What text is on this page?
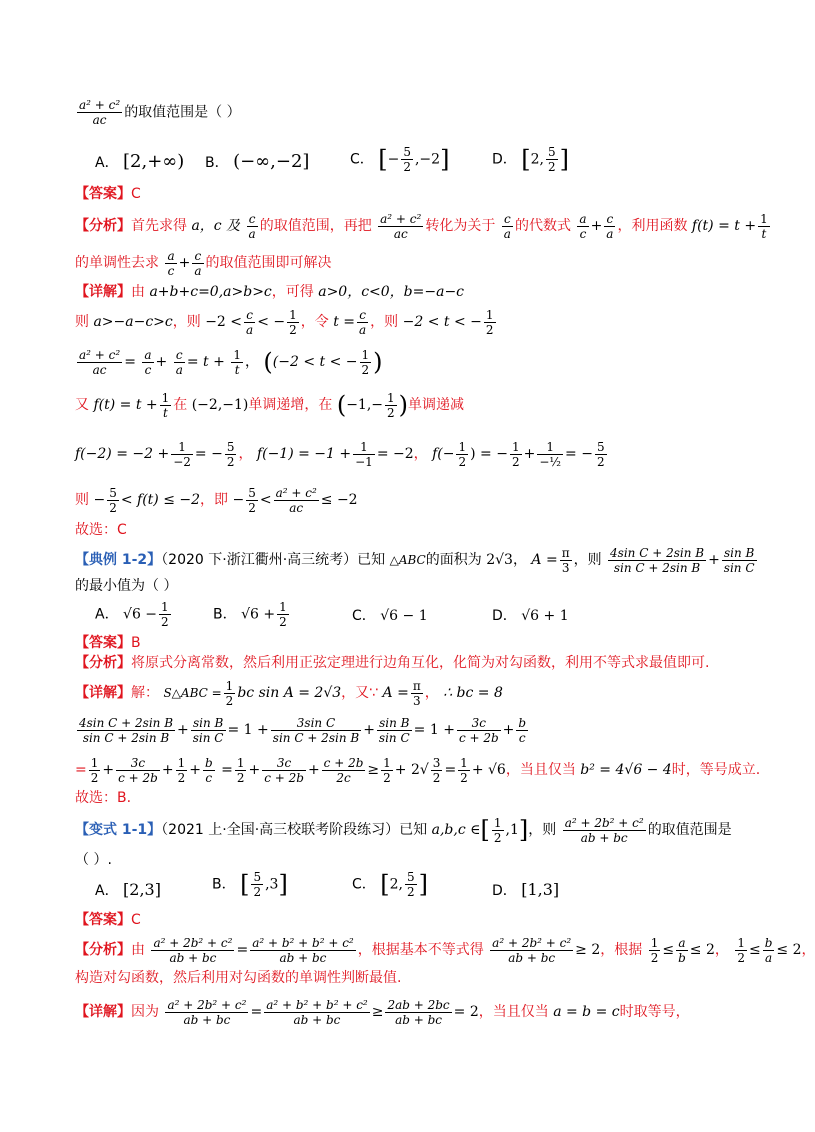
$\frac{\text{a² + c²}}{ac}$ 的取值范围是（ ）
A． [2,+∞) B． (−∞,−2]	C． [− $\frac{5}{2} ,-2$]	D． [2, $\frac{5}{2}$ ]
【答案】C
【分析】首先求得 a，c 及 $\frac{c}{a}$ 的取值范围，再把 $\frac{\text{a² + c²}}{ac}$ 转化为关于 $\frac{c}{a}$ 的代数式 $\frac{a}{c} + \frac{c}{a}$ ，利用函数 $f(t) = t + \frac{1}{t}$
的单调性去求 $\frac{a}{c} + \frac{c}{a}$ 的取值范围即可解决
【详解】由 a+b+c=0,a>b>c，可得 a>0，c<0，b=−a−c
则 a>−a−c>c，则 $-2 < \frac{c}{a}$ < − $\frac{1}{2}$ ，令 $t = \frac{c}{a}$ ，则 −2 < t < − $\frac{1}{2}$
$\frac{\text{a² + c²}}{ac} = \frac{a}{c} + \frac{c}{a} = t + \frac{1}{t}$ ， ((−2 < t < − $\frac{1}{2}$ )
又 $f(t) = t + \frac{1}{t}$ 在 (−2,−1)单调递增，在 ($-1,- \frac{1}{2}$ )单调递减
$f(-2) = -2 + \frac{1}{-2}$ = − $\frac{5}{2}$ ， $f(-1) = -1 + \frac{1}{-1} = -2$， $f(- \frac{1}{2}$ ) = − $\frac{1}{2} + \frac{1}{\text{−½}}$ = − $\frac{5}{2}$
则 − $\frac{5}{2} < f(t) \le -2$，即 − $\frac{5}{2} < \frac{\text{a² + c²}}{ac} \le -2$
故选：C
【典例 1-2】（2020 下·浙江衢州·高三统考）已知 △ABC的面积为 2√3， $A = \frac{\pi}{3}$ ，则 $\frac{\text{4sin C + 2sin B}}{\text{sin C + 2sin B}} + \frac{\text{sin B}}{\text{sin C}}$
的最小值为（ ）
A． $√6 - \frac{1}{2}$	B． $√6 + \frac{1}{2}$	C． √6 − 1	D． √6 + 1
【答案】B
【分析】将原式分离常数，然后利用正弦定理进行边角互化，化简为对勾函数，利用不等式求最值即可.
【详解】解： S△ABC = $\frac{1}{2}$ bc sin A = 2√3，又∵ $A = \frac{\pi}{3}$ ， ∴ bc = 8
$\frac{\text{4sin C + 2sin B}}{\text{sin C + 2sin B}} + \frac{\text{sin B}}{\text{sin C}} = 1 + \frac{\text{3sin C}}{\text{sin C + 2sin B}} + \frac{\text{sin B}}{\text{sin C}} = 1 + \frac{3c}{c + 2b} + \frac{b}{c}$
= $\frac{1}{2} + \frac{3c}{c + 2b} + \frac{1}{2} + \frac{b}{c} = \frac{1}{2} + \frac{3c}{c + 2b} + \frac{c + 2b}{2c} \ge \frac{1}{2} + 2√ \frac{3}{2} = \frac{1}{2} + √6$，当且仅当 b² = 4√6 − 4时，等号成立.
故选：B.
【变式 1-1】（2021 上·全国·高三校联考阶段练习）已知 a,b,c ∈[ $\frac{1}{2} ,1$]，则 $\frac{\text{a² + 2b² + c²}}{ab + bc}$ 的取值范围是
（ ）.
A． [2,3]	B． [ $\frac{5}{2} ,3$]	C． [2, $\frac{5}{2}$ ]	D． [1,3]
【答案】C
【分析】由 $\frac{\text{a² + 2b² + c²}}{ab + bc} = \frac{\text{a² + b² + b² + c²}}{ab + bc}$ ，根据基本不等式得 $\frac{\text{a² + 2b² + c²}}{ab + bc} \ge 2$，根据 $\frac{1}{2} \le \frac{a}{b} \le 2$， $\frac{1}{2} \le \frac{b}{a} \le 2$，
构造对勾函数，然后利用对勾函数的单调性判断最值.
【详解】因为 $\frac{\text{a² + 2b² + c²}}{ab + bc} = \frac{\text{a² + b² + b² + c²}}{ab + bc} \ge \frac{2ab + 2bc}{ab + bc} = 2$，当且仅当 a = b = c时取等号，
